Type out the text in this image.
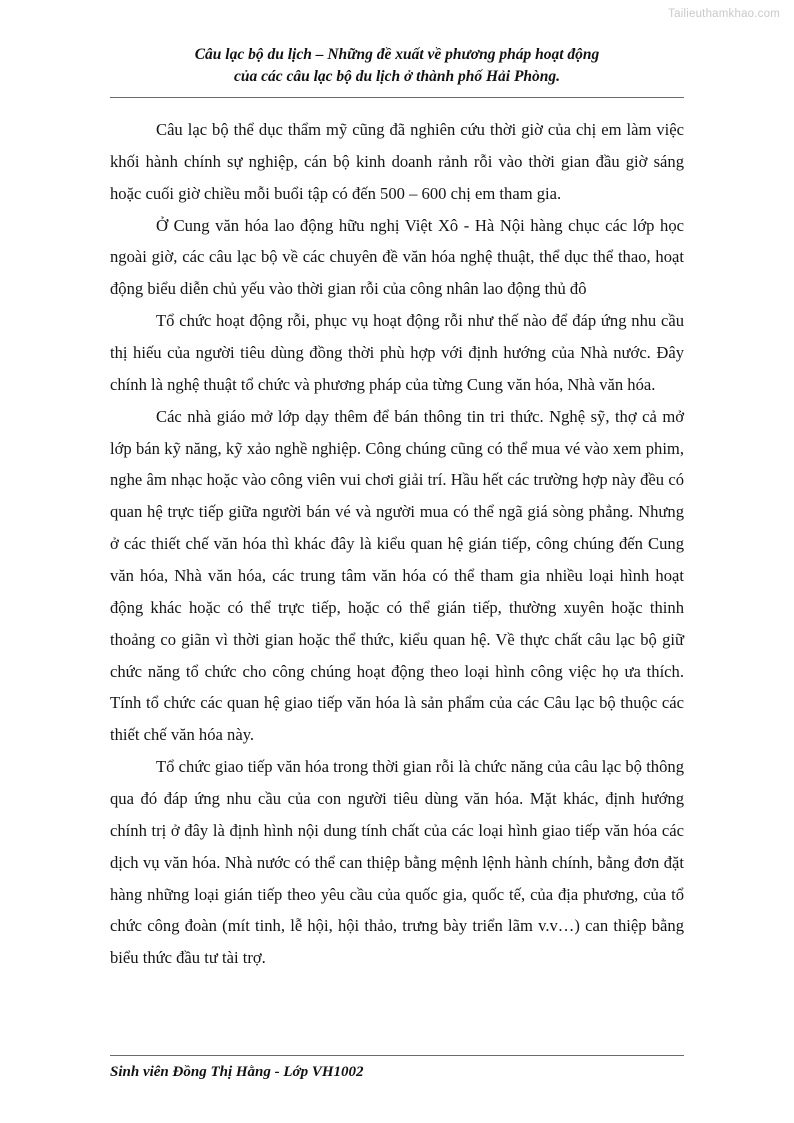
Tailieuthamkhao.com
Câu lạc bộ du lịch – Những đề xuất về phương pháp hoạt động
của các câu lạc bộ du lịch ở thành phố Hải Phòng.

Câu lạc bộ thể dục thẩm mỹ cũng đã nghiên cứu thời giờ của chị em làm việc khối hành chính sự nghiệp, cán bộ kinh doanh rảnh rỗi vào thời gian đầu giờ sáng hoặc cuối giờ chiều mỗi buổi tập có đến 500 – 600 chị em tham gia.

Ở Cung văn hóa lao động hữu nghị Việt Xô - Hà Nội hàng chục các lớp học ngoài giờ, các câu lạc bộ về các chuyên đề văn hóa nghệ thuật, thể dục thể thao, hoạt động biểu diễn chủ yếu vào thời gian rỗi của công nhân lao động thủ đô

Tổ chức hoạt động rỗi, phục vụ hoạt động rỗi như thế nào để đáp ứng nhu cầu thị hiếu của người tiêu dùng đồng thời phù hợp với định hướng của Nhà nước. Đây chính là nghệ thuật tổ chức và phương pháp của từng Cung văn hóa, Nhà văn hóa.

Các nhà giáo mở lớp dạy thêm để bán thông tin tri thức. Nghệ sỹ, thợ cả mở lớp bán kỹ năng, kỹ xảo nghề nghiệp. Công chúng cũng có thể mua vé vào xem phim, nghe âm nhạc hoặc vào công viên vui chơi giải trí. Hầu hết các trường hợp này đều có quan hệ trực tiếp giữa người bán vé và người mua có thể ngã giá sòng phẳng. Nhưng ở các thiết chế văn hóa thì khác đây là kiểu quan hệ gián tiếp, công chúng đến Cung văn hóa, Nhà văn hóa, các trung tâm văn hóa có thể tham gia nhiều loại hình hoạt động khác hoặc có thể trực tiếp, hoặc có thể gián tiếp, thường xuyên hoặc thinh thoảng co giãn vì thời gian hoặc thể thức, kiểu quan hệ. Về thực chất câu lạc bộ giữ chức năng tổ chức cho công chúng hoạt động theo loại hình công việc họ ưa thích. Tính tổ chức các quan hệ giao tiếp văn hóa là sản phẩm của các Câu lạc bộ thuộc các thiết chế văn hóa này.

Tổ chức giao tiếp văn hóa trong thời gian rỗi là chức năng của câu lạc bộ thông qua đó đáp ứng nhu cầu của con người tiêu dùng văn hóa. Mặt khác, định hướng chính trị ở đây là định hình nội dung tính chất của các loại hình giao tiếp văn hóa các dịch vụ văn hóa. Nhà nước có thể can thiệp bằng mệnh lệnh hành chính, bằng đơn đặt hàng những loại gián tiếp theo yêu cầu của quốc gia, quốc tế, của địa phương, của tổ chức công đoàn (mít tinh, lễ hội, hội thảo, trưng bày triển lãm v.v…) can thiệp bằng biểu thức đầu tư tài trợ.

Sinh viên Đồng Thị Hằng - Lớp VH1002
